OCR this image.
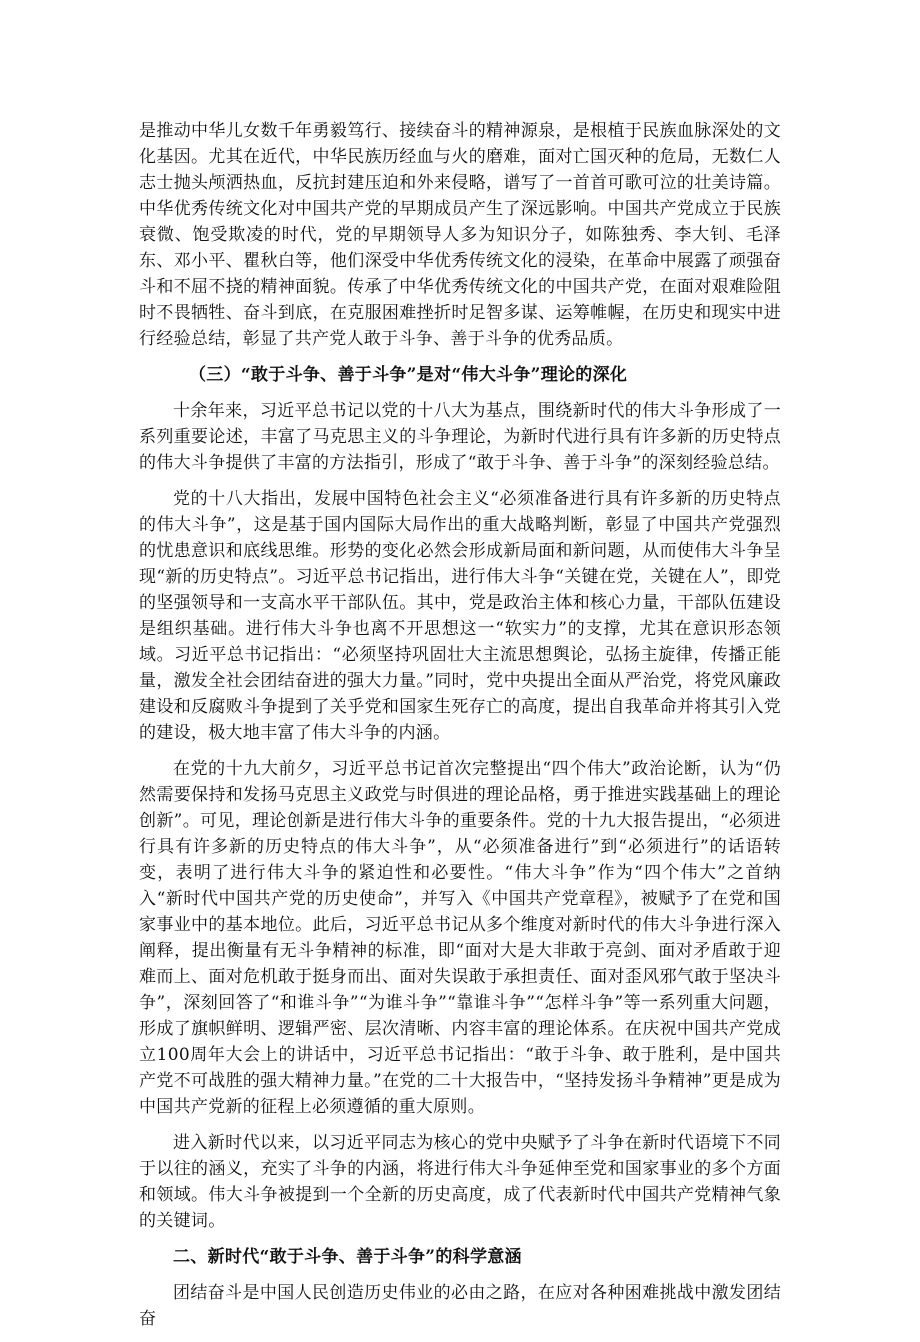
是推动中华儿女数千年勇毅笃行、接续奋斗的精神源泉，是根植于民族血脉深处的文化基因。尤其在近代，中华民族历经血与火的磨难，面对亡国灭种的危局，无数仁人志士抛头颅洒热血，反抗封建压迫和外来侵略，谱写了一首首可歌可泣的壮美诗篇。中华优秀传统文化对中国共产党的早期成员产生了深远影响。中国共产党成立于民族衰微、饱受欺凌的时代，党的早期领导人多为知识分子，如陈独秀、李大钊、毛泽东、邓小平、瞿秋白等，他们深受中华优秀传统文化的浸染，在革命中展露了顽强奋斗和不屈不挠的精神面貌。传承了中华优秀传统文化的中国共产党，在面对艰难险阻时不畏牺牲、奋斗到底，在克服困难挫折时足智多谋、运筹帷幄，在历史和现实中进行经验总结，彰显了共产党人敢于斗争、善于斗争的优秀品质。

（三）“敢于斗争、善于斗争”是对“伟大斗争”理论的深化

十余年来，习近平总书记以党的十八大为基点，围绕新时代的伟大斗争形成了一系列重要论述，丰富了马克思主义的斗争理论，为新时代进行具有许多新的历史特点的伟大斗争提供了丰富的方法指引，形成了“敢于斗争、善于斗争”的深刻经验总结。

党的十八大指出，发展中国特色社会主义“必须准备进行具有许多新的历史特点的伟大斗争”，这是基于国内国际大局作出的重大战略判断，彰显了中国共产党强烈的忧患意识和底线思维。形势的变化必然会形成新局面和新问题，从而使伟大斗争呈现“新的历史特点”。习近平总书记指出，进行伟大斗争“关键在党，关键在人”，即党的坚强领导和一支高水平干部队伍。其中，党是政治主体和核心力量，干部队伍建设是组织基础。进行伟大斗争也离不开思想这一“软实力”的支撑，尤其在意识形态领域。习近平总书记指出：“必须坚持巩固壮大主流思想舆论，弘扬主旋律，传播正能量，激发全社会团结奋进的强大力量。”同时，党中央提出全面从严治党，将党风廉政建设和反腐败斗争提到了关乎党和国家生死存亡的高度，提出自我革命并将其引入党的建设，极大地丰富了伟大斗争的内涵。

在党的十九大前夕，习近平总书记首次完整提出“四个伟大”政治论断，认为“仍然需要保持和发扬马克思主义政党与时俱进的理论品格，勇于推进实践基础上的理论创新”。可见，理论创新是进行伟大斗争的重要条件。党的十九大报告提出，“必须进行具有许多新的历史特点的伟大斗争”，从“必须准备进行”到“必须进行”的话语转变，表明了进行伟大斗争的紧迫性和必要性。“伟大斗争”作为“四个伟大”之首纳入“新时代中国共产党的历史使命”，并写入《中国共产党章程》，被赋予了在党和国家事业中的基本地位。此后，习近平总书记从多个维度对新时代的伟大斗争进行深入阐释，提出衡量有无斗争精神的标准，即“面对大是大非敢于亮剑、面对矛盾敢于迎难而上、面对危机敢于挺身而出、面对失误敢于承担责任、面对歪风邪气敢于坚决斗争”，深刻回答了“和谁斗争”“为谁斗争”“靠谁斗争”“怎样斗争”等一系列重大问题，形成了旗帜鲜明、逻辑严密、层次清晰、内容丰富的理论体系。在庆祝中国共产党成立100周年大会上的讲话中，习近平总书记指出：“敢于斗争、敢于胜利，是中国共产党不可战胜的强大精神力量。”在党的二十大报告中，“坚持发扬斗争精神”更是成为中国共产党新的征程上必须遵循的重大原则。

进入新时代以来，以习近平同志为核心的党中央赋予了斗争在新时代语境下不同于以往的涵义，充实了斗争的内涵，将进行伟大斗争延伸至党和国家事业的多个方面和领域。伟大斗争被提到一个全新的历史高度，成了代表新时代中国共产党精神气象的关键词。

二、新时代“敢于斗争、善于斗争”的科学意涵

团结奋斗是中国人民创造历史伟业的必由之路，在应对各种困难挑战中激发团结奋
